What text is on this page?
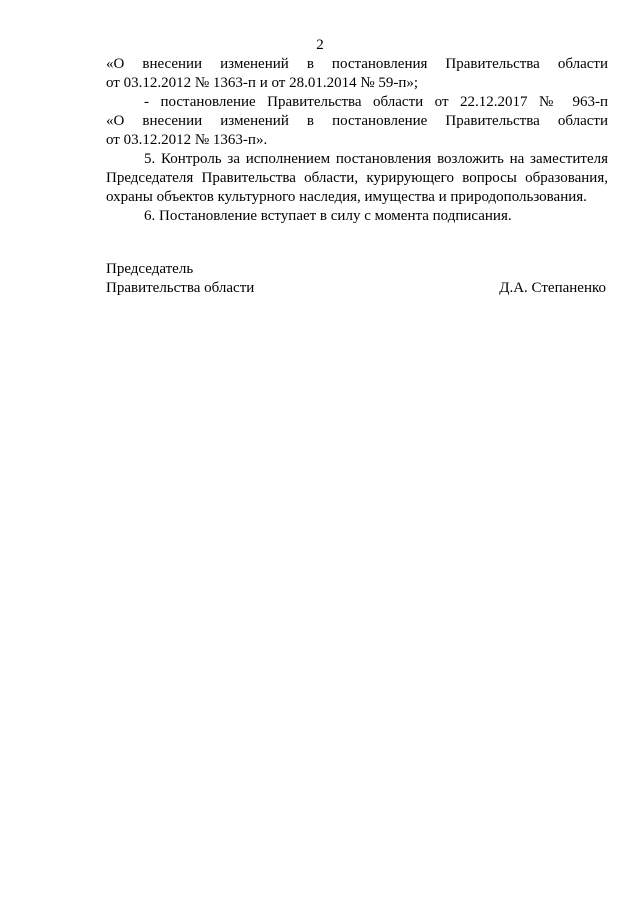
2
«О внесении изменений в постановления Правительства области
от 03.12.2012 № 1363-п и от 28.01.2014 № 59-п»;
- постановление Правительства области от 22.12.2017 № 963-п
«О внесении изменений в постановление Правительства области
от 03.12.2012 № 1363-п».
5. Контроль за исполнением постановления возложить на заместителя
Председателя Правительства области, курирующего вопросы образования,
охраны объектов культурного наследия, имущества и природопользования.
6. Постановление вступает в силу с момента подписания.
Председатель
Правительства области	Д.А. Степаненко
